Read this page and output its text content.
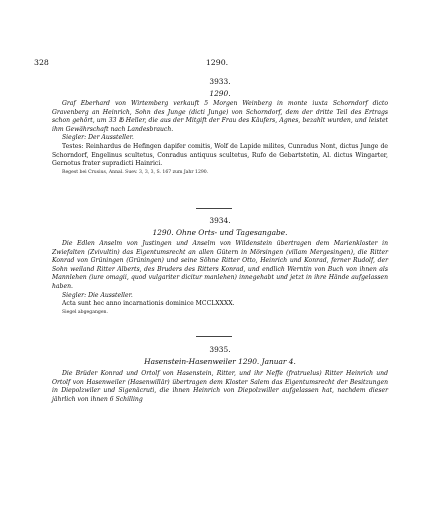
328	1290.
3933.
1290.

Graf Eberhard von Wirtemberg verkauft 5 Morgen Weinberg in monte iuxta Schorndorf dicto Gravenberg an Heinrich, Sohn des Junge (dicti Junge) von Schorndorf, dem der dritte Teil des Ertrags schon gehört, um 33 ℔ Heller, die aus der Mitgift der Frau des Käufers, Agnes, bezahlt wurden, und leistet ihm Gewährschaft nach Landesbrauch.

Siegler: Der Aussteller.

Testes: Reinhardus de Hefingen dapifer comitis, Wolf de Lapide milites, Cunradus Nont, dictus Junge de Schorndorf, Engelinus scultetus, Conradus antiquus scultetus, Rufo de Gebartstetin, Al. dictus Wingarter, Gernotus frater supradicti Hainrici.

Regest bei Crusius, Annal. Suev. 3, 3, 3, S. 167 zum Jahr 1290.
3934.
1290. Ohne Orts- und Tagesangabe.

Die Edlen Anselm von Justingen und Anselm von Wildenstein übertragen dem Marienkloster in Zwiefalten (Zvivultin) das Eigentumsrecht an allen Gütern in Mörsingen (villam Mergesingen), die Ritter Konrad von Grüningen (Grüningen) und seine Söhne Ritter Otto, Heinrich und Konrad, ferner Rudolf, der Sohn weiland Ritter Alberts, des Bruders des Ritters Konrad, und endlich Werntin von Buch von ihnen als Mannlehen (iure omagii, quod vulgariter dicitur manlehen) innegehabt und jetzt in ihre Hände aufgelassen haben.

Siegler: Die Aussteller.

Acta sunt hec anno incarnationis dominice MCCLXXXX.

Siegel abgegangen.
3935.
Hasenstein-Hasenweiler 1290. Januar 4.

Die Brüder Konrad und Ortolf von Hasenstein, Ritter, und ihr Neffe (fratruelus) Ritter Heinrich und Ortolf von Hasenweiler (Hasenwillär) übertragen dem Kloster Salem das Eigentumsrecht der Besitzungen in Diepolzwiler und Sigenäcruti, die ihnen Heinrich von Diepolzwiller aufgelassen hat, nachdem dieser jährlich von ihnen 6 Schilling
